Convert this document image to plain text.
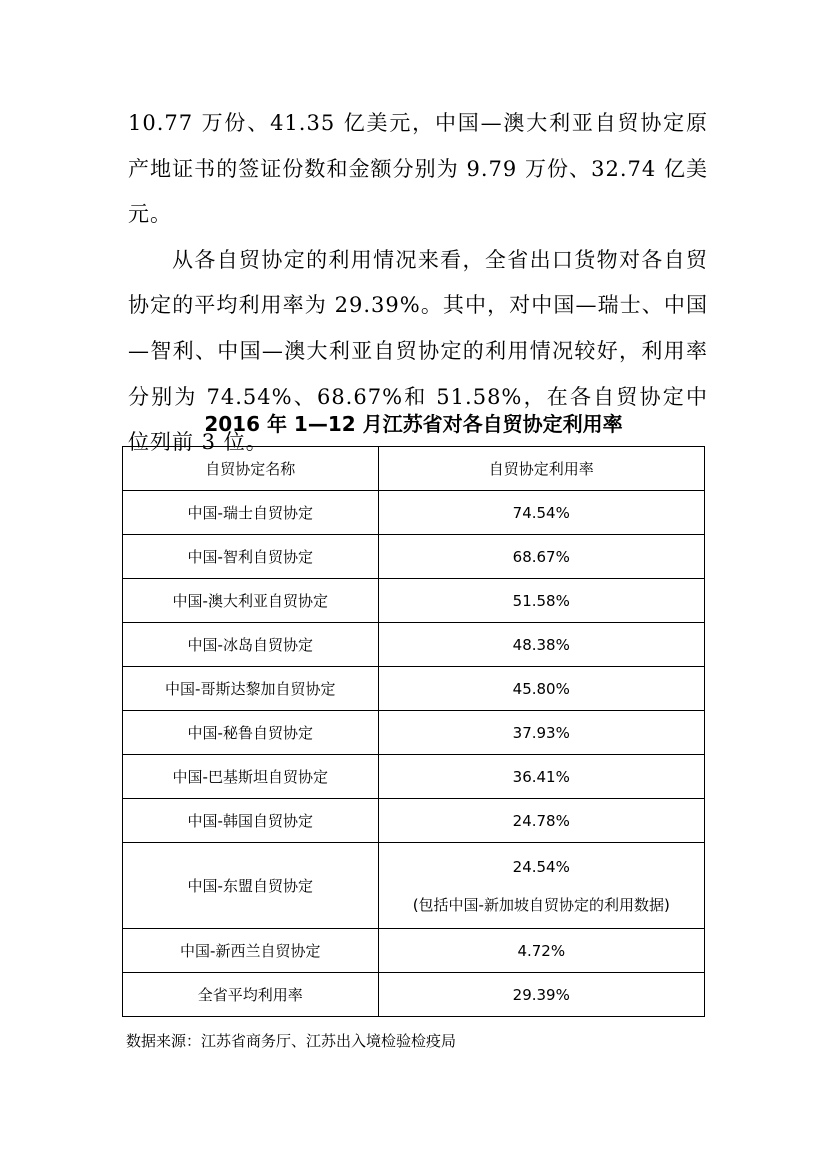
10.77 万份、41.35 亿美元，中国—澳大利亚自贸协定原产地证书的签证份数和金额分别为 9.79 万份、32.74 亿美元。

从各自贸协定的利用情况来看，全省出口货物对各自贸协定的平均利用率为 29.39%。其中，对中国—瑞士、中国—智利、中国—澳大利亚自贸协定的利用情况较好，利用率分别为 74.54%、68.67%和 51.58%，在各自贸协定中位列前 3 位。

2016 年 1—12 月江苏省对各自贸协定利用率
自贸协定名称	自贸协定利用率
中国-瑞士自贸协定	74.54%
中国-智利自贸协定	68.67%
中国-澳大利亚自贸协定	51.58%
中国-冰岛自贸协定	48.38%
中国-哥斯达黎加自贸协定	45.80%
中国-秘鲁自贸协定	37.93%
中国-巴基斯坦自贸协定	36.41%
中国-韩国自贸协定	24.78%
中国-东盟自贸协定	24.54%
(包括中国-新加坡自贸协定的利用数据)

中国-新西兰自贸协定	4.72%
全省平均利用率	29.39%
数据来源：江苏省商务厅、江苏出入境检验检疫局
